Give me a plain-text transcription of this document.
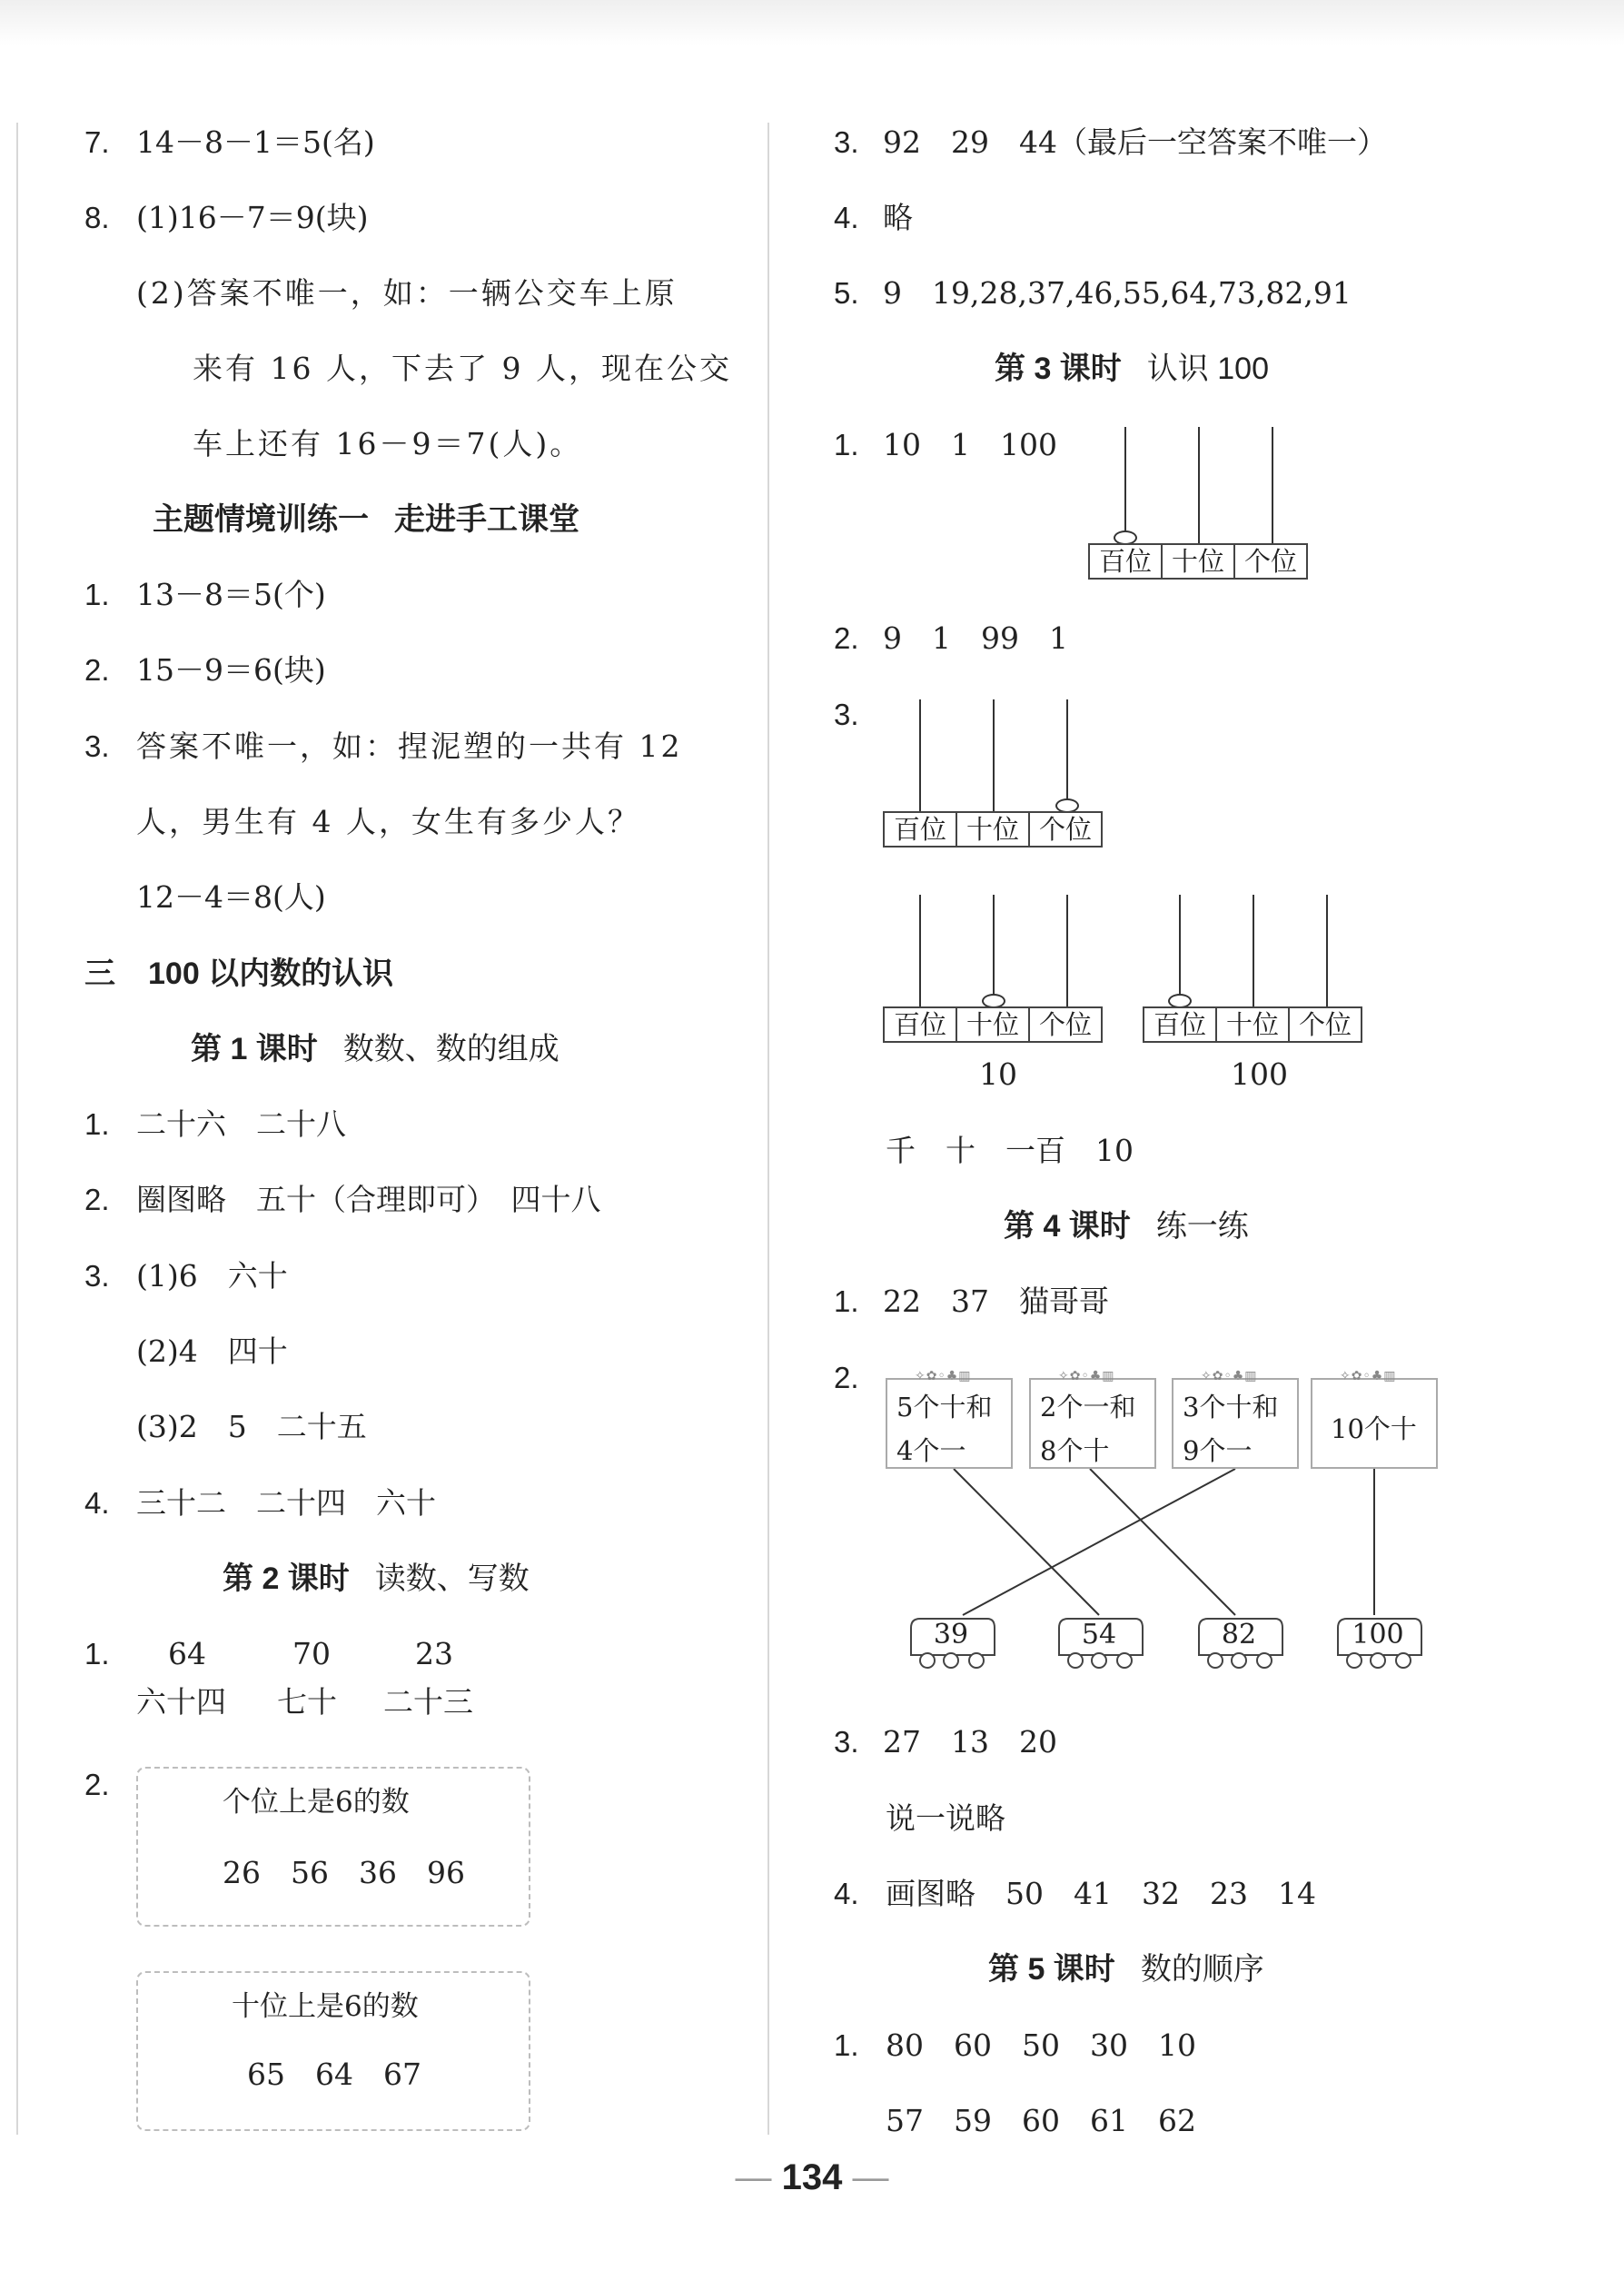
7. 14－8－1＝5(名)
8. (1)16－7＝9(块)
(2)答案不唯一，如：一辆公交车上原
来有 16 人，下去了 9 人，现在公交
车上还有 16－9＝7(人)。
主题情境训练一 走进手工课堂
1. 13－8＝5(个)
2. 15－9＝6(块)
3. 答案不唯一，如：捏泥塑的一共有 12
人，男生有 4 人，女生有多少人？
12－4＝8(人)
三 100 以内数的认识
第 1 课时 数数、数的组成
1. 二十六　二十八
2. 圈图略　五十（合理即可）　四十八
3. (1)6　六十
(2)4　四十
(3)2　5　二十五
4. 三十二　二十四　六十
第 2 课时 读数、写数
1. 64	70	23
六十四 七十 二十三
2.
个位上是6的数
26　56　36　96
十位上是6的数
65　64　67
3. 92　29　44（最后一空答案不唯一）
4. 略
5. 9　19,28,37,46,55,64,73,82,91
第 3 课时 认识 100
1. 10　1　100
百位 十位 个位
2. 9　1　99　1
3.
百位 十位 个位
百位 十位 个位
10
百位 十位 个位
100
千　十　一百　10
第 4 课时 练一练
1. 22　37　猫哥哥
2.	✧✿◦♣▥
5个十和
4个一
✧✿◦♣▥
2个一和
8个十
✧✿◦♣▥
3个十和
9个一
✧✿◦♣▥
10个十
39	54	82	100
3. 27　13　20
说一说略
4. 画图略　50　41　32　23　14
第 5 课时 数的顺序
1. 80　60　50　30　10
57　59　60　61　62
— 134 —
